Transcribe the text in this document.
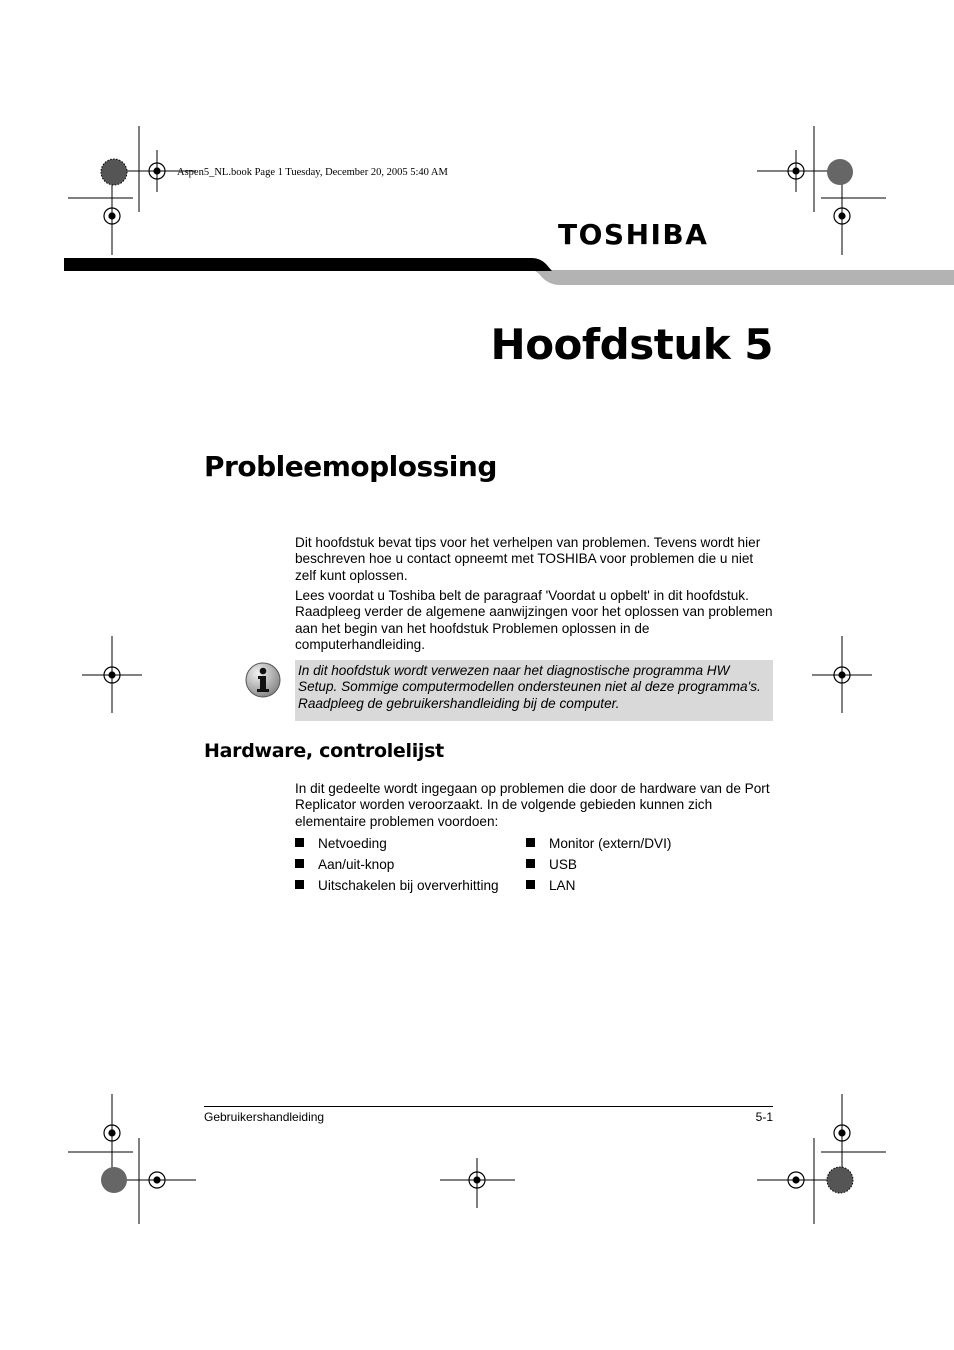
Aspen5_NL.book Page 1 Tuesday, December 20, 2005 5:40 AM
TOSHIBA
Hoofdstuk 5
Probleemoplossing
Dit hoofdstuk bevat tips voor het verhelpen van problemen. Tevens wordt hier beschreven hoe u contact opneemt met TOSHIBA voor problemen die u niet zelf kunt oplossen.
Lees voordat u Toshiba belt de paragraaf 'Voordat u opbelt' in dit hoofdstuk. Raadpleeg verder de algemene aanwijzingen voor het oplossen van problemen aan het begin van het hoofdstuk Problemen oplossen in de computerhandleiding.
In dit hoofdstuk wordt verwezen naar het diagnostische programma HW Setup. Sommige computermodellen ondersteunen niet al deze programma's. Raadpleeg de gebruikershandleiding bij de computer.
Hardware, controlelijst
In dit gedeelte wordt ingegaan op problemen die door de hardware van de Port Replicator worden veroorzaakt. In de volgende gebieden kunnen zich elementaire problemen voordoen:
Netvoeding
Aan/uit-knop
Uitschakelen bij oververhitting
Monitor (extern/DVI)
USB
LAN
Gebruikershandleiding	5-1
